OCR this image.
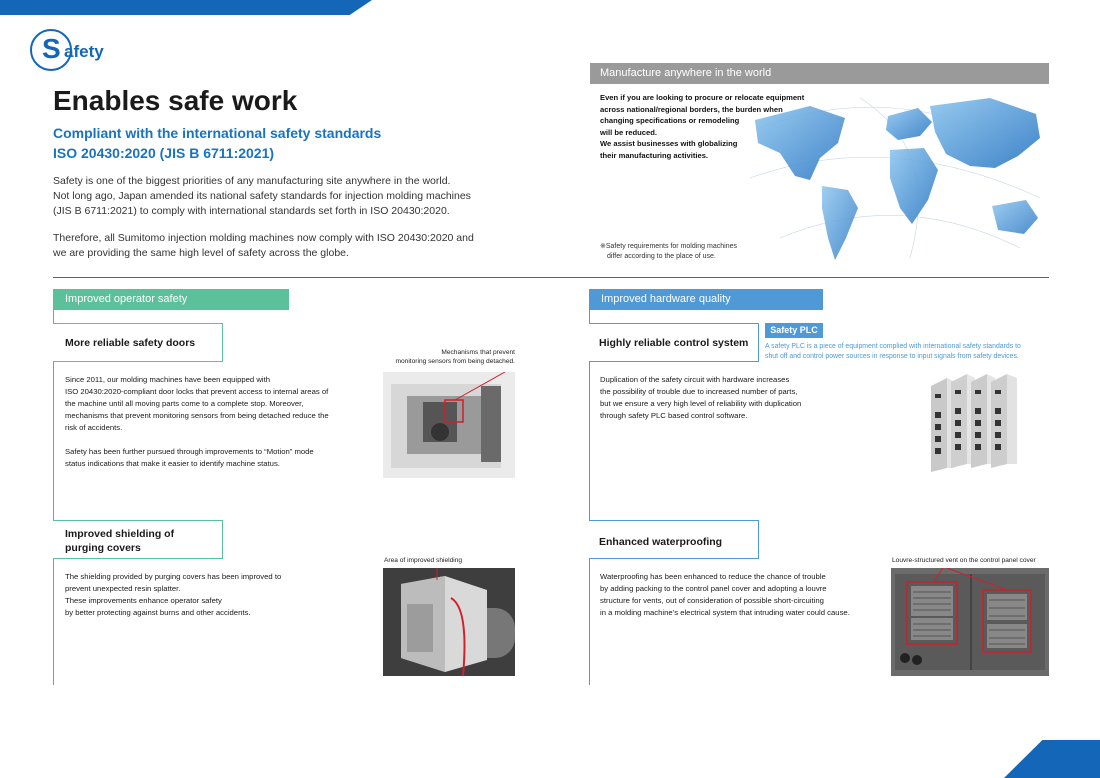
S afety
Enables safe work
Compliant with the international safety standards
ISO 20430:2020 (JIS B 6711:2021)
Safety is one of the biggest priorities of any manufacturing site anywhere in the world.
Not long ago, Japan amended its national safety standards for injection molding machines
(JIS B 6711:2021) to comply with international standards set forth in ISO 20430:2020.
Therefore, all Sumitomo injection molding machines now comply with ISO 20430:2020 and
we are providing the same high level of safety across the globe.
Manufacture anywhere in the world
Even if you are looking to procure or relocate equipment
across national/regional borders, the burden when
changing specifications or remodeling
will be reduced.
We assist businesses with globalizing
their manufacturing activities.
※Safety requirements for molding machines
differ according to the place of use.
Improved operator safety
More reliable safety doors
Mechanisms that prevent
monitoring sensors from being detached.
Since 2011, our molding machines have been equipped with
ISO 20430:2020-compliant door locks that prevent access to internal areas of
the machine until all moving parts come to a complete stop. Moreover,
mechanisms that prevent monitoring sensors from being detached reduce the
risk of accidents.
Safety has been further pursued through improvements to “Motion” mode
status indications that make it easier to identify machine status.
Improved shielding of
purging covers
Area of improved shielding
The shielding provided by purging covers has been improved to
prevent unexpected resin splatter.
These improvements enhance operator safety
by better protecting against burns and other accidents.
Improved hardware quality
Highly reliable control system
Safety PLC
A safety PLC is a piece of equipment complied with international safety standards to
shut off and control power sources in response to input signals from safety devices.
Duplication of the safety circuit with hardware increases
the possibility of trouble due to increased number of parts,
but we ensure a very high level of reliability with duplication
through safety PLC based control software.
Enhanced waterproofing
Louvre-structured vent on the control panel cover
Waterproofing has been enhanced to reduce the chance of trouble
by adding packing to the control panel cover and adopting a louvre
structure for vents, out of consideration of possible short-circuiting
in a molding machine’s electrical system that intruding water could cause.
